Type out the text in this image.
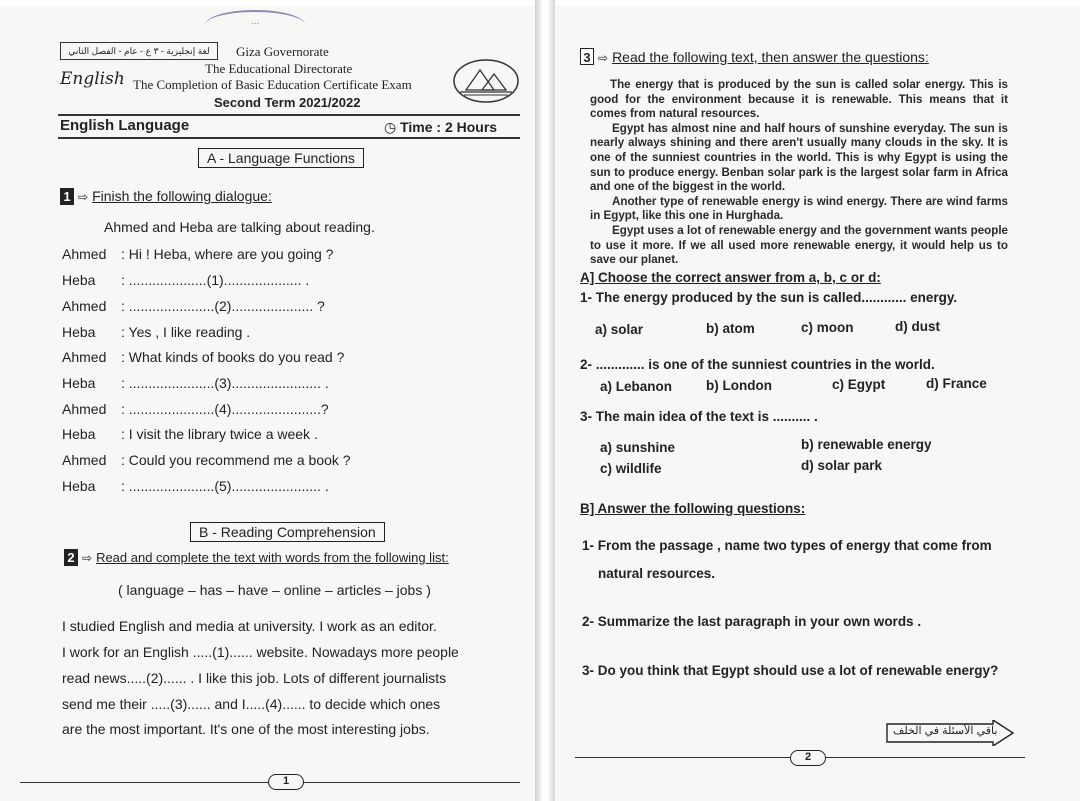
...
لغة إنجليزية - ٣ ع - عام - الفصل الثاني
English
Giza Governorate
The Educational Directorate
The Completion of Basic Education Certificate Exam
Second Term 2021/2022
English Language	◷ Time : 2 Hours
A - Language Functions
1 ⇨ Finish the following dialogue:
Ahmed and Heba are talking about reading.
Ahmed : Hi ! Heba, where are you going ?
Heba : ....................(1).................... .
Ahmed : ......................(2)..................... ?
Heba : Yes , I like reading .
Ahmed : What kinds of books do you read ?
Heba : ......................(3)....................... .
Ahmed : ......................(4).......................?
Heba : I visit the library twice a week .
Ahmed : Could you recommend me a book ?
Heba : ......................(5)....................... .
B - Reading Comprehension
2 ⇨ Read and complete the text with words from the following list:
( language – has – have – online – articles – jobs )
I studied English and media at university. I work as an editor.
I work for an English .....(1)...... website. Nowadays more people
read news.....(2)...... . I like this job. Lots of different journalists
send me their .....(3)...... and I.....(4)...... to decide which ones
are the most important. It's one of the most interesting jobs.
1
3 ⇨ Read the following text, then answer the questions:

The energy that is produced by the sun is called solar energy. This is good for the environment because it is renewable. This means that it comes from natural resources.

Egypt has almost nine and half hours of sunshine everyday. The sun is nearly always shining and there aren't usually many clouds in the sky. It is one of the sunniest countries in the world. This is why Egypt is using the sun to produce energy. Benban solar park is the largest solar farm in Africa and one of the biggest in the world.

Another type of renewable energy is wind energy. There are wind farms in Egypt, like this one in Hurghada.

Egypt uses a lot of renewable energy and the government wants people to use it more. If we all used more renewable energy, it would help us to save our planet.

A] Choose the correct answer from a, b, c or d:
1- The energy produced by the sun is called............ energy.
a) solar	b) atom	c) moon	d) dust
2- ............. is one of the sunniest countries in the world.
a) Lebanon	b) London	c) Egypt	d) France
3- The main idea of the text is .......... .
a) sunshine	b) renewable energy
c) wildlife	d) solar park
B] Answer the following questions:
1- From the passage , name two types of energy that come from
natural resources.
2- Summarize the last paragraph in your own words .
3- Do you think that Egypt should use a lot of renewable energy?
باقي الأسئلة في الخلف
2
